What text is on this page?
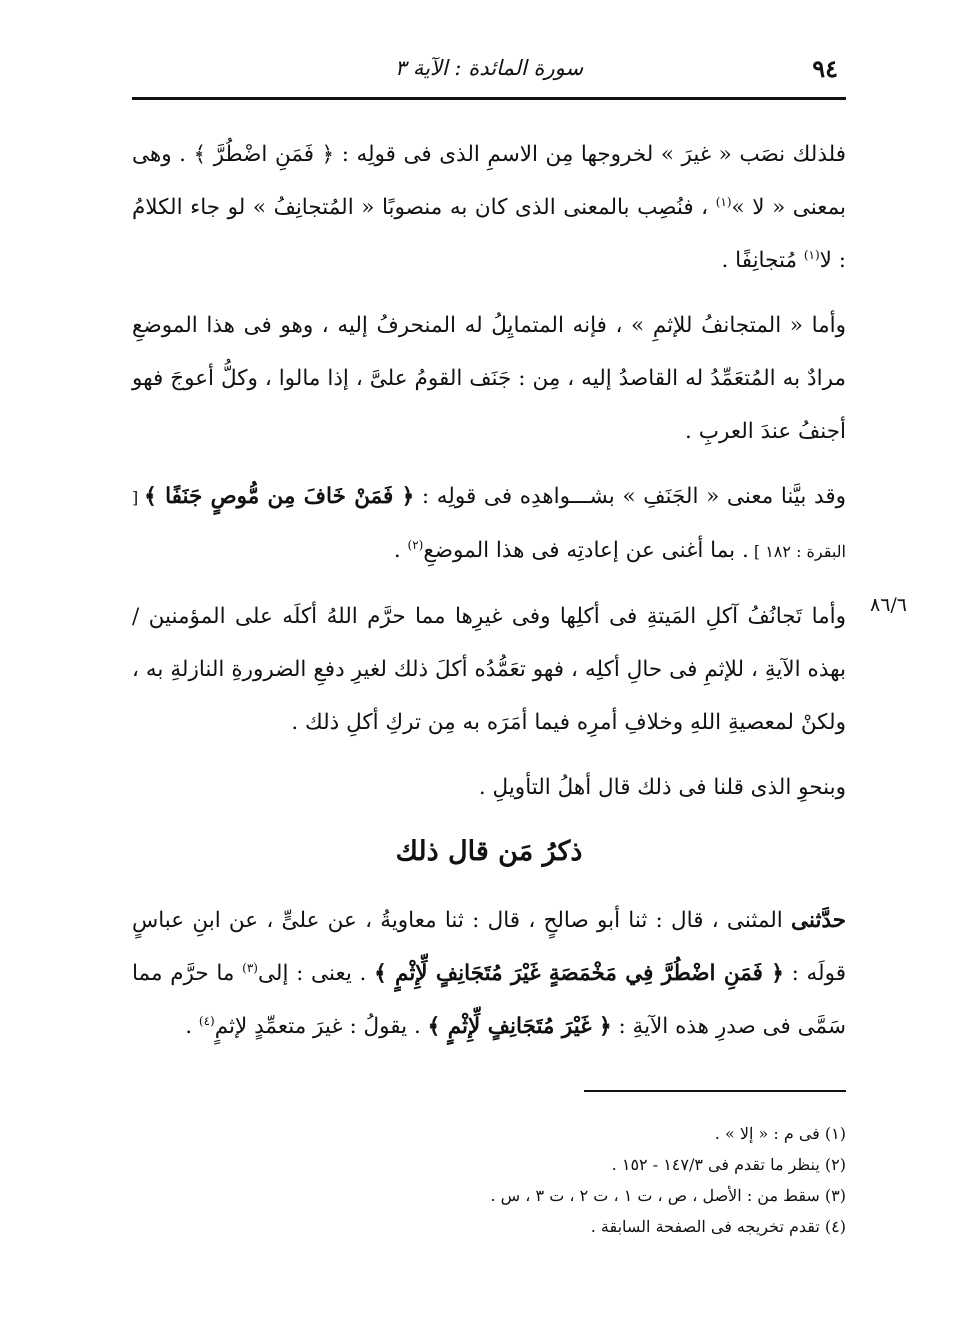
٩٤
سورة المائدة : الآية ٣

فلذلك نصَب « غيرَ » لخروجها مِن الاسمِ الذى فى قولِه : ﴿ فَمَنِ اضْطُرَّ ﴾ . وهى بمعنى « لا »$^{(١)}$ ، فنُصِب بالمعنى الذى كان به منصوبًا « المُتجانِفُ » لو جاء الكلامُ : لا$^{(١)}$ مُتجانِفًا .

وأما « المتجانفُ للإثمِ » ، فإنه المتمايِلُ له المنحرفُ إليه ، وهو فى هذا الموضعِ مرادٌ به المُتعَمِّدُ له القاصدُ إليه ، مِن : جَنَف القومُ علىَّ ، إذا مالوا ، وكلُّ أعوجَ فهو أجنفُ عندَ العربِ .

وقد بيَّنا معنى « الجَنَفِ » بشـــواهدِه فى قولِه : ﴿ فَمَنْ خَافَ مِن مُّوصٍ جَنَفًا ﴾ [ البقرة : ١٨٢ ] . بما أغنى عن إعادتِه فى هذا الموضعِ$^{(٢)}$ .

وأما تَجانُفُ آكلِ المَيتةِ فى أكلِها وفى غيرِها مما حرَّم اللهُ أكلَه على المؤمنين / بهذه الآيةِ ، للإثمِ فى حالِ أكلِه ، فهو تعَمُّدُه أكلَ ذلك لغيرِ دفعِ الضرورةِ النازلةِ به ، ولكنْ لمعصيةِ اللهِ وخلافِ أمرِه فيما أمَرَه به مِن تركِ أكلِ ذلك .

وبنحوِ الذى قلنا فى ذلك قال أهلُ التأويلِ .

٨٦/٦
ذكرُ مَن قال ذلك

حدَّثنى المثنى ، قال : ثنا أبو صالحٍ ، قال : ثنا معاويةُ ، عن علىٍّ ، عن ابنِ عباسٍ قولَه : ﴿ فَمَنِ اضْطُرَّ فِي مَخْمَصَةٍ غَيْرَ مُتَجَانِفٍ لِّإِثْمٍ ﴾ . يعنى : إلى$^{(٣)}$ ما حرَّم مما سَمَّى فى صدرِ هذه الآيةِ : ﴿ غَيْرَ مُتَجَانِفٍ لِّإِثْمٍ ﴾ . يقولُ : غيرَ متعمِّدٍ لإثمٍ$^{(٤)}$ .

(١) فى م : « إلا » .

(٢) ينظر ما تقدم فى ١٤٧/٣ - ١٥٢ .

(٣) سقط من : الأصل ، ص ، ت ١ ، ت ٢ ، ت ٣ ، س .

(٤) تقدم تخريجه فى الصفحة السابقة .
